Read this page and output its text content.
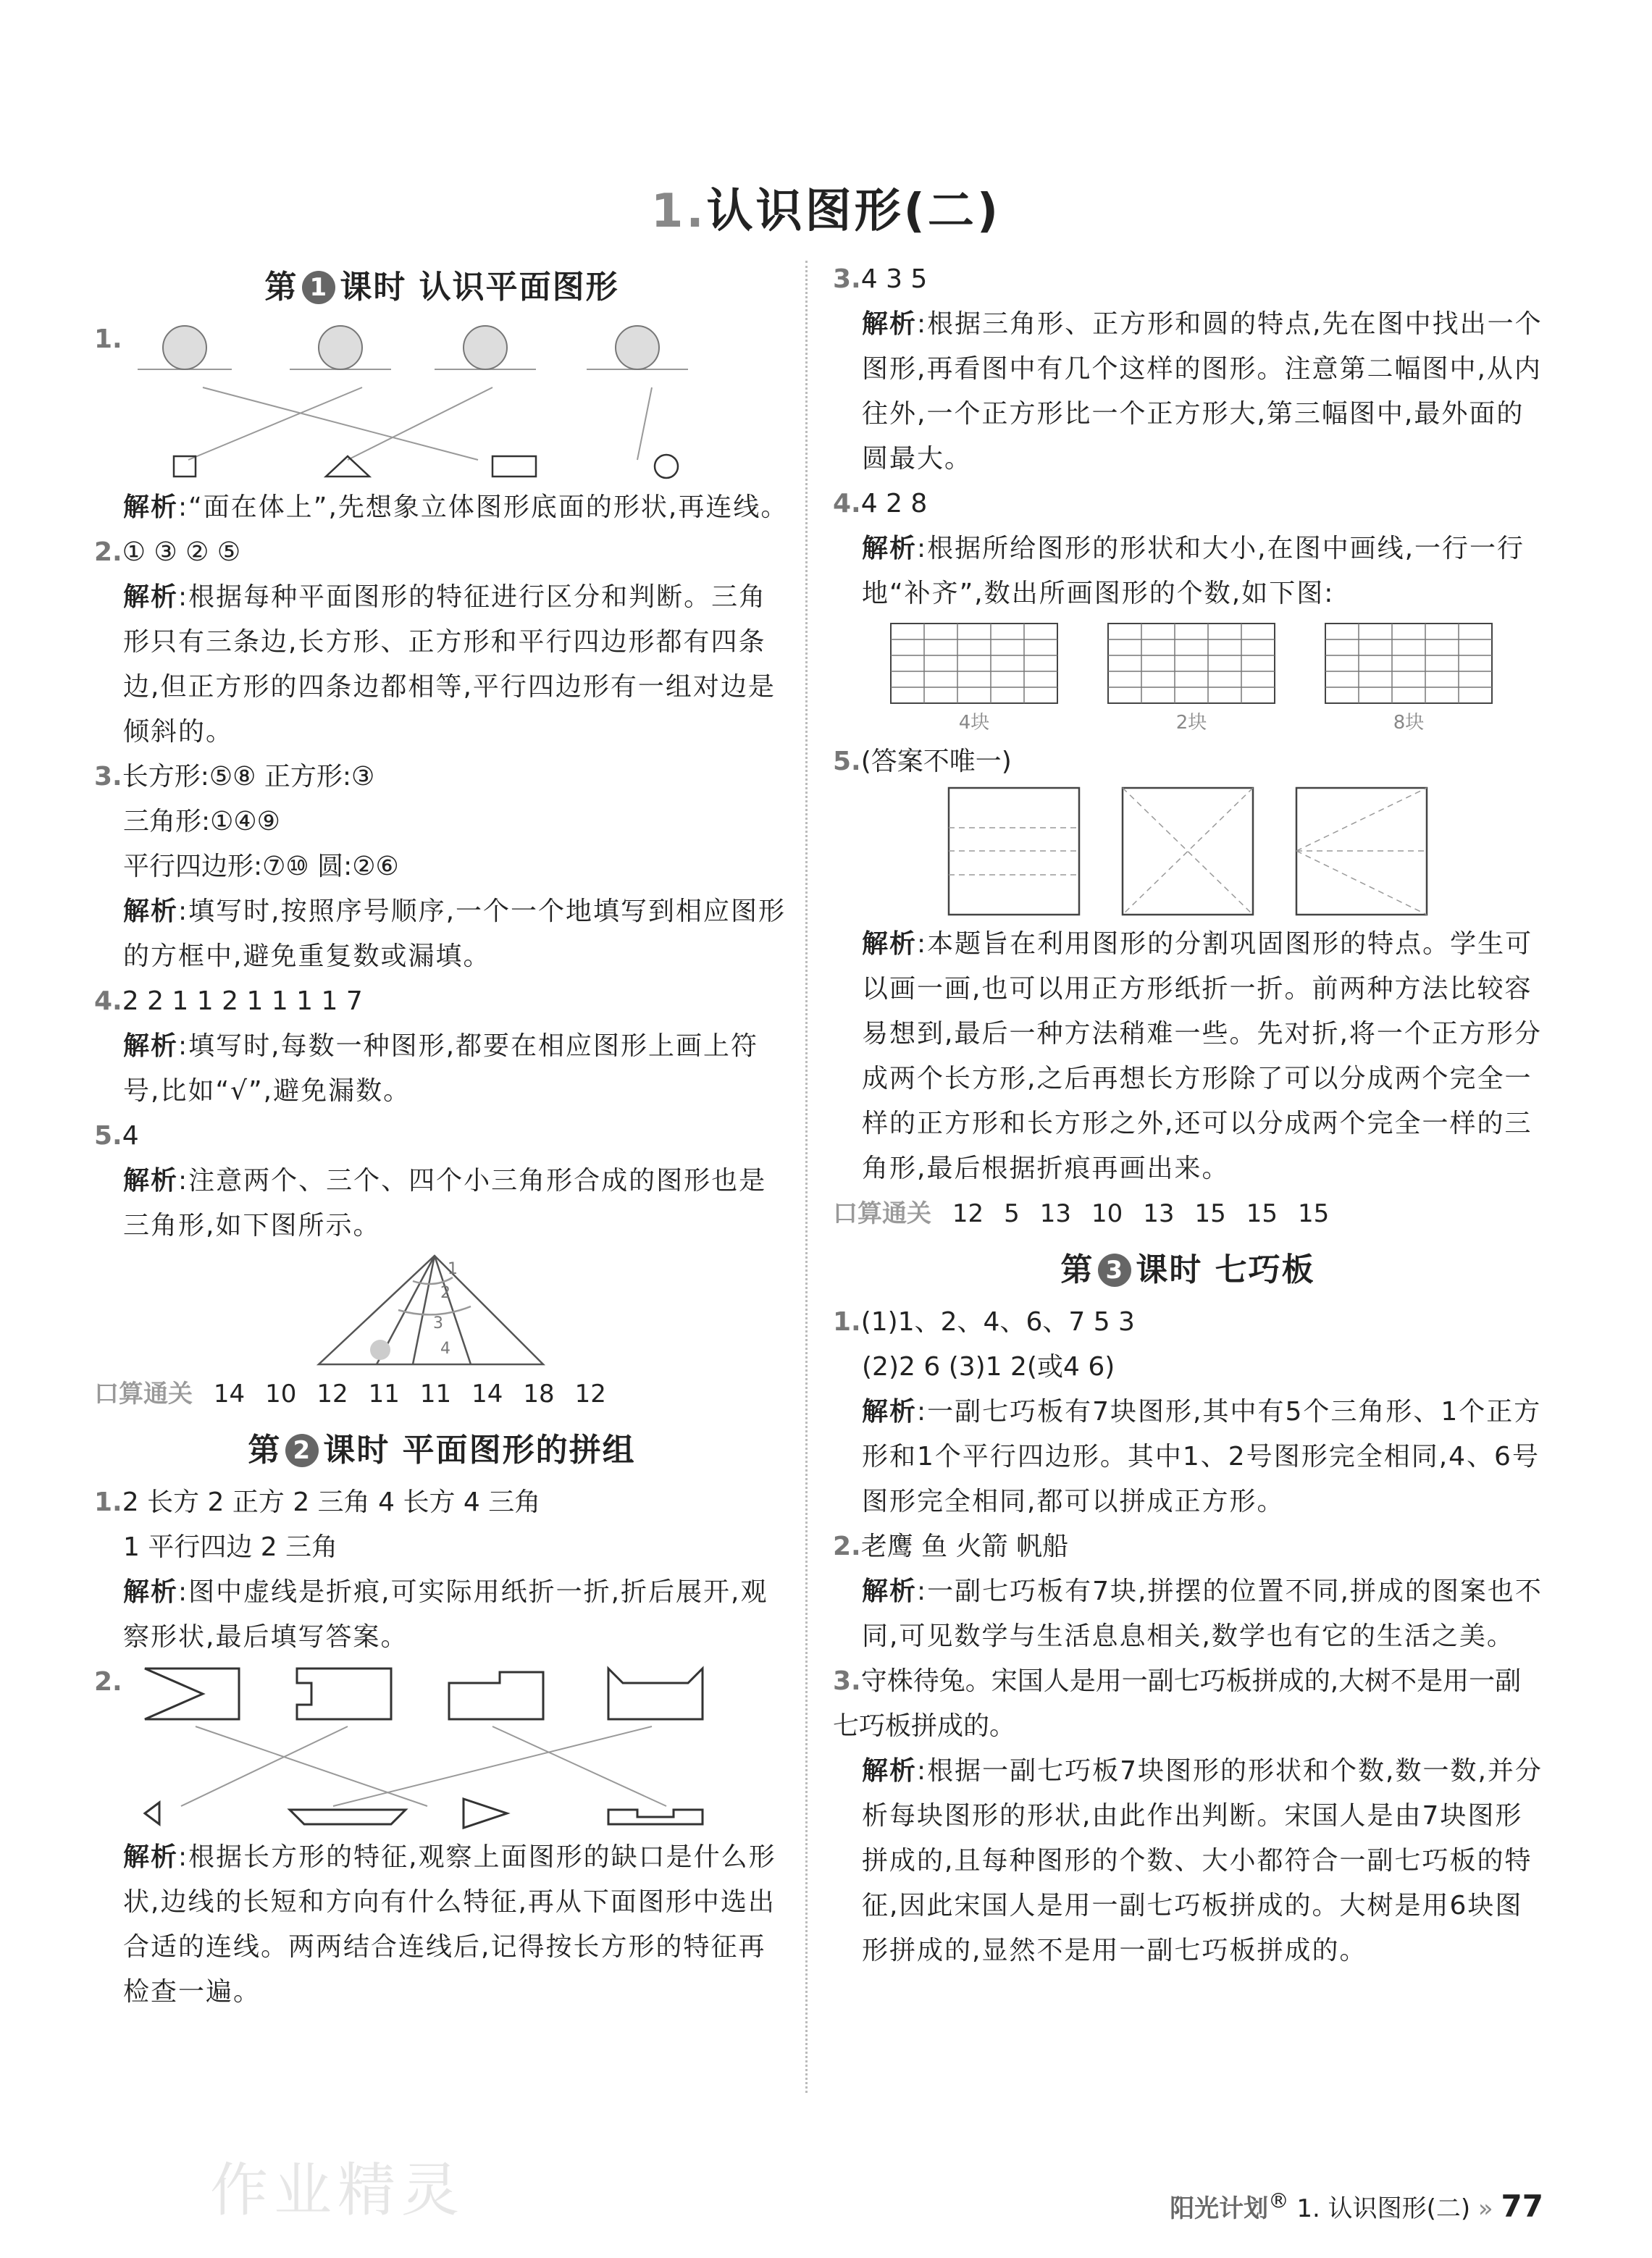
1.认识图形(二)
第 1 课时 认识平面图形
1.
解析:“面在体上”,先想象立体图形底面的形状,再连线。
2.① ③ ② ⑤
解析:根据每种平面图形的特征进行区分和判断。三角形只有三条边,长方形、正方形和平行四边形都有四条边,但正方形的四条边都相等,平行四边形有一组对边是倾斜的。
3.长方形:⑤⑧ 正方形:③
三角形:①④⑨
平行四边形:⑦⑩ 圆:②⑥
解析:填写时,按照序号顺序,一个一个地填写到相应图形的方框中,避免重复数或漏填。
4.2 2 1 1 2 1 1 1 1 7
解析:填写时,每数一种图形,都要在相应图形上画上符号,比如“√”,避免漏数。
5.4
解析:注意两个、三个、四个小三角形合成的图形也是三角形,如下图所示。
1
2
3
4
口算通关 14 10 12 11 11 14 18 12
第 2 课时 平面图形的拼组
1.2 长方 2 正方 2 三角 4 长方 4 三角
1 平行四边 2 三角
解析:图中虚线是折痕,可实际用纸折一折,折后展开,观察形状,最后填写答案。
2.
解析:根据长方形的特征,观察上面图形的缺口是什么形状,边线的长短和方向有什么特征,再从下面图形中选出合适的连线。两两结合连线后,记得按长方形的特征再检查一遍。
3.4 3 5
解析:根据三角形、正方形和圆的特点,先在图中找出一个图形,再看图中有几个这样的图形。注意第二幅图中,从内往外,一个正方形比一个正方形大,第三幅图中,最外面的圆最大。
4.4 2 8
解析:根据所给图形的形状和大小,在图中画线,一行一行地“补齐”,数出所画图形的个数,如下图:
4块	2块	8块
5.(答案不唯一)
解析:本题旨在利用图形的分割巩固图形的特点。学生可以画一画,也可以用正方形纸折一折。前两种方法比较容易想到,最后一种方法稍难一些。先对折,将一个正方形分成两个长方形,之后再想长方形除了可以分成两个完全一样的正方形和长方形之外,还可以分成两个完全一样的三角形,最后根据折痕再画出来。
口算通关 12 5 13 10 13 15 15 15
第 3 课时 七巧板
1.(1)1、2、4、6、7 5 3
(2)2 6 (3)1 2(或4 6)
解析:一副七巧板有7块图形,其中有5个三角形、1个正方形和1个平行四边形。其中1、2号图形完全相同,4、6号图形完全相同,都可以拼成正方形。
2.老鹰 鱼 火箭 帆船
解析:一副七巧板有7块,拼摆的位置不同,拼成的图案也不同,可见数学与生活息息相关,数学也有它的生活之美。
3.守株待兔。宋国人是用一副七巧板拼成的,大树不是用一副七巧板拼成的。
解析:根据一副七巧板7块图形的形状和个数,数一数,并分析每块图形的形状,由此作出判断。宋国人是由7块图形拼成的,且每种图形的个数、大小都符合一副七巧板的特征,因此宋国人是用一副七巧板拼成的。大树是用6块图形拼成的,显然不是用一副七巧板拼成的。
阳光计划® 1. 认识图形(二) » 77
作业精灵
